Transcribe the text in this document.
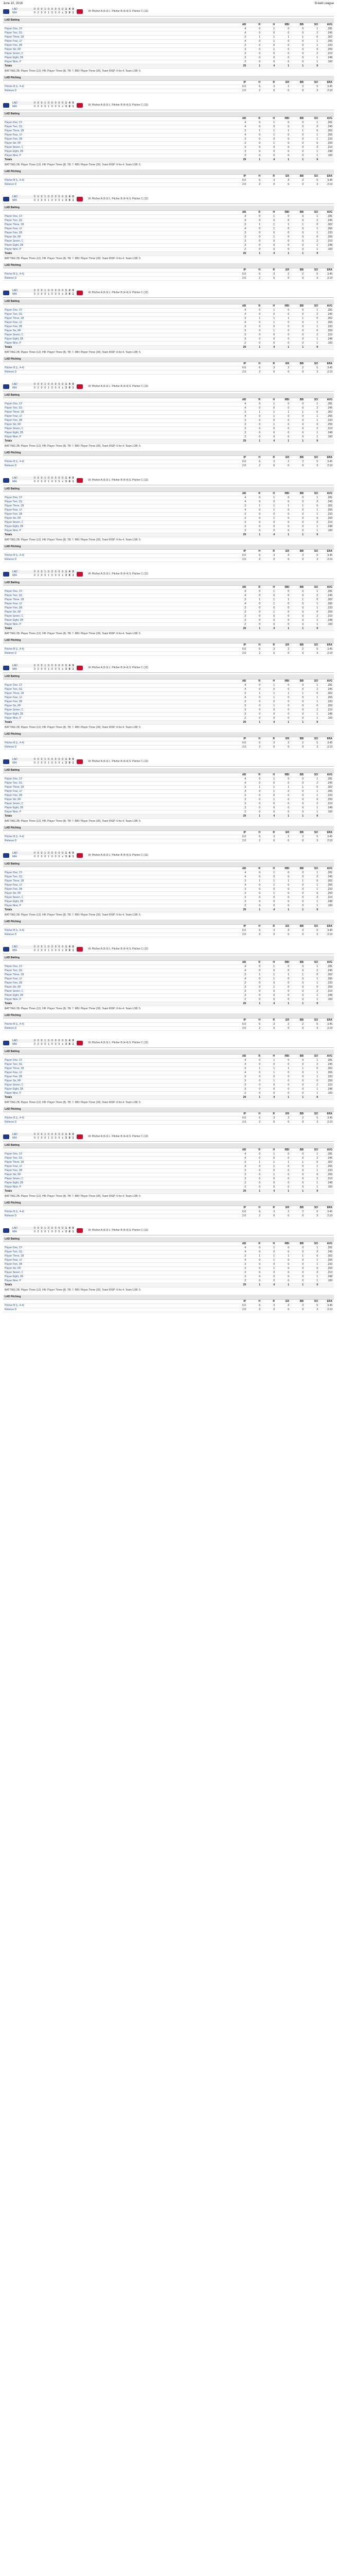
June 10, 2016	B-ball League
LAD	0	0	0	1	0	0	0	0	0	1	4	0
MIA	0	2	0	0	1	0	0	0	x	3	8	1
W: Pitcher A (5-3) L: Pitcher B (4-4) S: Pitcher C (12)
LAD Batting
	AB	R	H	RBI	BB	SO	AVG
Player One, CF	4	0	1	0	0	1	.281
Player Two, SS	4	0	0	0	0	2	.245
Player Three, 1B	3	1	1	1	1	0	.302
Player Four, LF	4	0	1	0	0	1	.266
Player Five, 3B	3	0	0	0	0	1	.233
Player Six, RF	3	0	1	0	0	0	.259
Player Seven, C	3	0	0	0	0	2	.210
Player Eight, 2B	3	0	0	0	0	1	.248
Player Nine, P	2	0	0	0	0	1	.100
Totals	29	1	4	1	1	9	
BATTING 2B: Player Three (12). HR: Player Three (8). TB: 7. RBI: Player Three (30). Team RISP: 0-for-4. Team LOB: 5.
LAD Pitching
	IP	H	R	ER	BB	SO	ERA
Pitcher B (L, 4-4)	6.0	6	3	2	2	5	3.45
Reliever D	2.0	2	0	0	0	3	2.10
LAD	0	0	0	1	0	0	0	0	0	1	4	0
MIA	0	2	0	0	1	0	0	0	x	3	8	1
W: Pitcher A (5-3) L: Pitcher B (4-4) S: Pitcher C (12)
LAD Batting
	AB	R	H	RBI	BB	SO	AVG
Player One, CF	4	0	1	0	0	1	.281
Player Two, SS	4	0	0	0	0	2	.245
Player Three, 1B	3	1	1	1	1	0	.302
Player Four, LF	4	0	1	0	0	1	.266
Player Five, 3B	3	0	0	0	0	1	.233
Player Six, RF	3	0	1	0	0	0	.259
Player Seven, C	3	0	0	0	0	2	.210
Player Eight, 2B	3	0	0	0	0	1	.248
Player Nine, P	2	0	0	0	0	1	.100
Totals	29	1	4	1	1	9	
BATTING 2B: Player Three (12). HR: Player Three (8). TB: 7. RBI: Player Three (30). Team RISP: 0-for-4. Team LOB: 5.
LAD Pitching
	IP	H	R	ER	BB	SO	ERA
Pitcher B (L, 4-4)	6.0	6	3	2	2	5	3.45
Reliever D	2.0	2	0	0	0	3	2.10
LAD	0	0	0	1	0	0	0	0	0	1	4	0
MIA	0	2	0	0	1	0	0	0	x	3	8	1
W: Pitcher A (5-3) L: Pitcher B (4-4) S: Pitcher C (12)
LAD Batting
	AB	R	H	RBI	BB	SO	AVG
Player One, CF	4	0	1	0	0	1	.281
Player Two, SS	4	0	0	0	0	2	.245
Player Three, 1B	3	1	1	1	1	0	.302
Player Four, LF	4	0	1	0	0	1	.266
Player Five, 3B	3	0	0	0	0	1	.233
Player Six, RF	3	0	1	0	0	0	.259
Player Seven, C	3	0	0	0	0	2	.210
Player Eight, 2B	3	0	0	0	0	1	.248
Player Nine, P	2	0	0	0	0	1	.100
Totals	29	1	4	1	1	9	
BATTING 2B: Player Three (12). HR: Player Three (8). TB: 7. RBI: Player Three (30). Team RISP: 0-for-4. Team LOB: 5.
LAD Pitching
	IP	H	R	ER	BB	SO	ERA
Pitcher B (L, 4-4)	6.0	6	3	2	2	5	3.45
Reliever D	2.0	2	0	0	0	3	2.10
LAD	0	0	0	1	0	0	0	0	0	1	4	0
MIA	0	2	0	0	1	0	0	0	x	3	8	1
W: Pitcher A (5-3) L: Pitcher B (4-4) S: Pitcher C (12)
LAD Batting
	AB	R	H	RBI	BB	SO	AVG
Player One, CF	4	0	1	0	0	1	.281
Player Two, SS	4	0	0	0	0	2	.245
Player Three, 1B	3	1	1	1	1	0	.302
Player Four, LF	4	0	1	0	0	1	.266
Player Five, 3B	3	0	0	0	0	1	.233
Player Six, RF	3	0	1	0	0	0	.259
Player Seven, C	3	0	0	0	0	2	.210
Player Eight, 2B	3	0	0	0	0	1	.248
Player Nine, P	2	0	0	0	0	1	.100
Totals	29	1	4	1	1	9	
BATTING 2B: Player Three (12). HR: Player Three (8). TB: 7. RBI: Player Three (30). Team RISP: 0-for-4. Team LOB: 5.
LAD Pitching
	IP	H	R	ER	BB	SO	ERA
Pitcher B (L, 4-4)	6.0	6	3	2	2	5	3.45
Reliever D	2.0	2	0	0	0	3	2.10
LAD	0	0	0	1	0	0	0	0	0	1	4	0
MIA	0	2	0	0	1	0	0	0	x	3	8	1
W: Pitcher A (5-3) L: Pitcher B (4-4) S: Pitcher C (12)
LAD Batting
	AB	R	H	RBI	BB	SO	AVG
Player One, CF	4	0	1	0	0	1	.281
Player Two, SS	4	0	0	0	0	2	.245
Player Three, 1B	3	1	1	1	1	0	.302
Player Four, LF	4	0	1	0	0	1	.266
Player Five, 3B	3	0	0	0	0	1	.233
Player Six, RF	3	0	1	0	0	0	.259
Player Seven, C	3	0	0	0	0	2	.210
Player Eight, 2B	3	0	0	0	0	1	.248
Player Nine, P	2	0	0	0	0	1	.100
Totals	29	1	4	1	1	9	
BATTING 2B: Player Three (12). HR: Player Three (8). TB: 7. RBI: Player Three (30). Team RISP: 0-for-4. Team LOB: 5.
LAD Pitching
	IP	H	R	ER	BB	SO	ERA
Pitcher B (L, 4-4)	6.0	6	3	2	2	5	3.45
Reliever D	2.0	2	0	0	0	3	2.10
LAD	0	0	0	1	0	0	0	0	0	1	4	0
MIA	0	2	0	0	1	0	0	0	x	3	8	1
W: Pitcher A (5-3) L: Pitcher B (4-4) S: Pitcher C (12)
LAD Batting
	AB	R	H	RBI	BB	SO	AVG
Player One, CF	4	0	1	0	0	1	.281
Player Two, SS	4	0	0	0	0	2	.245
Player Three, 1B	3	1	1	1	1	0	.302
Player Four, LF	4	0	1	0	0	1	.266
Player Five, 3B	3	0	0	0	0	1	.233
Player Six, RF	3	0	1	0	0	0	.259
Player Seven, C	3	0	0	0	0	2	.210
Player Eight, 2B	3	0	0	0	0	1	.248
Player Nine, P	2	0	0	0	0	1	.100
Totals	29	1	4	1	1	9	
BATTING 2B: Player Three (12). HR: Player Three (8). TB: 7. RBI: Player Three (30). Team RISP: 0-for-4. Team LOB: 5.
LAD Pitching
	IP	H	R	ER	BB	SO	ERA
Pitcher B (L, 4-4)	6.0	6	3	2	2	5	3.45
Reliever D	2.0	2	0	0	0	3	2.10
LAD	0	0	0	1	0	0	0	0	0	1	4	0
MIA	0	2	0	0	1	0	0	0	x	3	8	1
W: Pitcher A (5-3) L: Pitcher B (4-4) S: Pitcher C (12)
LAD Batting
	AB	R	H	RBI	BB	SO	AVG
Player One, CF	4	0	1	0	0	1	.281
Player Two, SS	4	0	0	0	0	2	.245
Player Three, 1B	3	1	1	1	1	0	.302
Player Four, LF	4	0	1	0	0	1	.266
Player Five, 3B	3	0	0	0	0	1	.233
Player Six, RF	3	0	1	0	0	0	.259
Player Seven, C	3	0	0	0	0	2	.210
Player Eight, 2B	3	0	0	0	0	1	.248
Player Nine, P	2	0	0	0	0	1	.100
Totals	29	1	4	1	1	9	
BATTING 2B: Player Three (12). HR: Player Three (8). TB: 7. RBI: Player Three (30). Team RISP: 0-for-4. Team LOB: 5.
LAD Pitching
	IP	H	R	ER	BB	SO	ERA
Pitcher B (L, 4-4)	6.0	6	3	2	2	5	3.45
Reliever D	2.0	2	0	0	0	3	2.10
LAD	0	0	0	1	0	0	0	0	0	1	4	0
MIA	0	2	0	0	1	0	0	0	x	3	8	1
W: Pitcher A (5-3) L: Pitcher B (4-4) S: Pitcher C (12)
LAD Batting
	AB	R	H	RBI	BB	SO	AVG
Player One, CF	4	0	1	0	0	1	.281
Player Two, SS	4	0	0	0	0	2	.245
Player Three, 1B	3	1	1	1	1	0	.302
Player Four, LF	4	0	1	0	0	1	.266
Player Five, 3B	3	0	0	0	0	1	.233
Player Six, RF	3	0	1	0	0	0	.259
Player Seven, C	3	0	0	0	0	2	.210
Player Eight, 2B	3	0	0	0	0	1	.248
Player Nine, P	2	0	0	0	0	1	.100
Totals	29	1	4	1	1	9	
BATTING 2B: Player Three (12). HR: Player Three (8). TB: 7. RBI: Player Three (30). Team RISP: 0-for-4. Team LOB: 5.
LAD Pitching
	IP	H	R	ER	BB	SO	ERA
Pitcher B (L, 4-4)	6.0	6	3	2	2	5	3.45
Reliever D	2.0	2	0	0	0	3	2.10
LAD	0	0	0	1	0	0	0	0	0	1	4	0
MIA	0	2	0	0	1	0	0	0	x	3	8	1
W: Pitcher A (5-3) L: Pitcher B (4-4) S: Pitcher C (12)
LAD Batting
	AB	R	H	RBI	BB	SO	AVG
Player One, CF	4	0	1	0	0	1	.281
Player Two, SS	4	0	0	0	0	2	.245
Player Three, 1B	3	1	1	1	1	0	.302
Player Four, LF	4	0	1	0	0	1	.266
Player Five, 3B	3	0	0	0	0	1	.233
Player Six, RF	3	0	1	0	0	0	.259
Player Seven, C	3	0	0	0	0	2	.210
Player Eight, 2B	3	0	0	0	0	1	.248
Player Nine, P	2	0	0	0	0	1	.100
Totals	29	1	4	1	1	9	
BATTING 2B: Player Three (12). HR: Player Three (8). TB: 7. RBI: Player Three (30). Team RISP: 0-for-4. Team LOB: 5.
LAD Pitching
	IP	H	R	ER	BB	SO	ERA
Pitcher B (L, 4-4)	6.0	6	3	2	2	5	3.45
Reliever D	2.0	2	0	0	0	3	2.10
LAD	0	0	0	1	0	0	0	0	0	1	4	0
MIA	0	2	0	0	1	0	0	0	x	3	8	1
W: Pitcher A (5-3) L: Pitcher B (4-4) S: Pitcher C (12)
LAD Batting
	AB	R	H	RBI	BB	SO	AVG
Player One, CF	4	0	1	0	0	1	.281
Player Two, SS	4	0	0	0	0	2	.245
Player Three, 1B	3	1	1	1	1	0	.302
Player Four, LF	4	0	1	0	0	1	.266
Player Five, 3B	3	0	0	0	0	1	.233
Player Six, RF	3	0	1	0	0	0	.259
Player Seven, C	3	0	0	0	0	2	.210
Player Eight, 2B	3	0	0	0	0	1	.248
Player Nine, P	2	0	0	0	0	1	.100
Totals	29	1	4	1	1	9	
BATTING 2B: Player Three (12). HR: Player Three (8). TB: 7. RBI: Player Three (30). Team RISP: 0-for-4. Team LOB: 5.
LAD Pitching
	IP	H	R	ER	BB	SO	ERA
Pitcher B (L, 4-4)	6.0	6	3	2	2	5	3.45
Reliever D	2.0	2	0	0	0	3	2.10
LAD	0	0	0	1	0	0	0	0	0	1	4	0
MIA	0	2	0	0	1	0	0	0	x	3	8	1
W: Pitcher A (5-3) L: Pitcher B (4-4) S: Pitcher C (12)
LAD Batting
	AB	R	H	RBI	BB	SO	AVG
Player One, CF	4	0	1	0	0	1	.281
Player Two, SS	4	0	0	0	0	2	.245
Player Three, 1B	3	1	1	1	1	0	.302
Player Four, LF	4	0	1	0	0	1	.266
Player Five, 3B	3	0	0	0	0	1	.233
Player Six, RF	3	0	1	0	0	0	.259
Player Seven, C	3	0	0	0	0	2	.210
Player Eight, 2B	3	0	0	0	0	1	.248
Player Nine, P	2	0	0	0	0	1	.100
Totals	29	1	4	1	1	9	
BATTING 2B: Player Three (12). HR: Player Three (8). TB: 7. RBI: Player Three (30). Team RISP: 0-for-4. Team LOB: 5.
LAD Pitching
	IP	H	R	ER	BB	SO	ERA
Pitcher B (L, 4-4)	6.0	6	3	2	2	5	3.45
Reliever D	2.0	2	0	0	0	3	2.10
LAD	0	0	0	1	0	0	0	0	0	1	4	0
MIA	0	2	0	0	1	0	0	0	x	3	8	1
W: Pitcher A (5-3) L: Pitcher B (4-4) S: Pitcher C (12)
LAD Batting
	AB	R	H	RBI	BB	SO	AVG
Player One, CF	4	0	1	0	0	1	.281
Player Two, SS	4	0	0	0	0	2	.245
Player Three, 1B	3	1	1	1	1	0	.302
Player Four, LF	4	0	1	0	0	1	.266
Player Five, 3B	3	0	0	0	0	1	.233
Player Six, RF	3	0	1	0	0	0	.259
Player Seven, C	3	0	0	0	0	2	.210
Player Eight, 2B	3	0	0	0	0	1	.248
Player Nine, P	2	0	0	0	0	1	.100
Totals	29	1	4	1	1	9	
BATTING 2B: Player Three (12). HR: Player Three (8). TB: 7. RBI: Player Three (30). Team RISP: 0-for-4. Team LOB: 5.
LAD Pitching
	IP	H	R	ER	BB	SO	ERA
Pitcher B (L, 4-4)	6.0	6	3	2	2	5	3.45
Reliever D	2.0	2	0	0	0	3	2.10
LAD	0	0	0	1	0	0	0	0	0	1	4	0
MIA	0	2	0	0	1	0	0	0	x	3	8	1
W: Pitcher A (5-3) L: Pitcher B (4-4) S: Pitcher C (12)
LAD Batting
	AB	R	H	RBI	BB	SO	AVG
Player One, CF	4	0	1	0	0	1	.281
Player Two, SS	4	0	0	0	0	2	.245
Player Three, 1B	3	1	1	1	1	0	.302
Player Four, LF	4	0	1	0	0	1	.266
Player Five, 3B	3	0	0	0	0	1	.233
Player Six, RF	3	0	1	0	0	0	.259
Player Seven, C	3	0	0	0	0	2	.210
Player Eight, 2B	3	0	0	0	0	1	.248
Player Nine, P	2	0	0	0	0	1	.100
Totals	29	1	4	1	1	9	
BATTING 2B: Player Three (12). HR: Player Three (8). TB: 7. RBI: Player Three (30). Team RISP: 0-for-4. Team LOB: 5.
LAD Pitching
	IP	H	R	ER	BB	SO	ERA
Pitcher B (L, 4-4)	6.0	6	3	2	2	5	3.45
Reliever D	2.0	2	0	0	0	3	2.10
LAD	0	0	0	1	0	0	0	0	0	1	4	0
MIA	0	2	0	0	1	0	0	0	x	3	8	1
W: Pitcher A (5-3) L: Pitcher B (4-4) S: Pitcher C (12)
LAD Batting
	AB	R	H	RBI	BB	SO	AVG
Player One, CF	4	0	1	0	0	1	.281
Player Two, SS	4	0	0	0	0	2	.245
Player Three, 1B	3	1	1	1	1	0	.302
Player Four, LF	4	0	1	0	0	1	.266
Player Five, 3B	3	0	0	0	0	1	.233
Player Six, RF	3	0	1	0	0	0	.259
Player Seven, C	3	0	0	0	0	2	.210
Player Eight, 2B	3	0	0	0	0	1	.248
Player Nine, P	2	0	0	0	0	1	.100
Totals	29	1	4	1	1	9	
BATTING 2B: Player Three (12). HR: Player Three (8). TB: 7. RBI: Player Three (30). Team RISP: 0-for-4. Team LOB: 5.
LAD Pitching
	IP	H	R	ER	BB	SO	ERA
Pitcher B (L, 4-4)	6.0	6	3	2	2	5	3.45
Reliever D	2.0	2	0	0	0	3	2.10
